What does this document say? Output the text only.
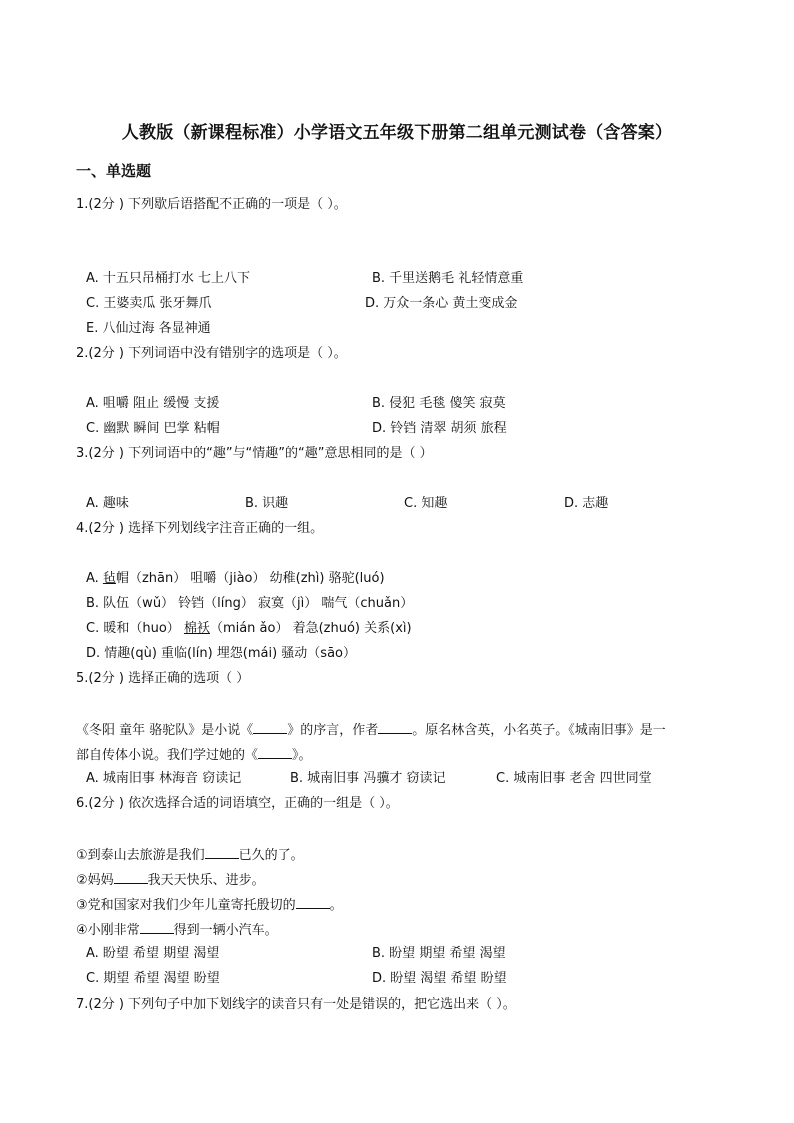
人教版（新课程标准）小学语文五年级下册第二组单元测试卷（含答案）
一、单选题
1.(2分 ) 下列歇后语搭配不正确的一项是（ ）。
A. 十五只吊桶打水 七上八下	B. 千里送鹅毛 礼轻情意重
C. 王婆卖瓜 张牙舞爪	D. 万众一条心 黄土变成金
E. 八仙过海 各显神通
2.(2分 ) 下列词语中没有错别字的选项是（ ）。
A. 咀嚼 阻止 缓慢 支援	B. 侵犯 毛毯 傻笑 寂莫
C. 幽默 瞬间 巴掌 粘帽	D. 铃铛 清翠 胡须 旅程
3.(2分 ) 下列词语中的“趣”与“情趣”的“趣”意思相同的是（ ）
A. 趣味	B. 识趣	C. 知趣	D. 志趣
4.(2分 ) 选择下列划线字注音正确的一组。
A. 毡帽（zhān） 咀嚼（jiào） 幼稚(zhì) 骆驼(luó)
B. 队伍（wǔ） 铃铛（líng） 寂寞（jì） 喘气（chuǎn）
C. 暖和（huo） 棉袄（mián ǎo） 着急(zhuó) 关系(xì)
D. 情趣(qù) 重临(lín) 埋怨(mái) 骚动（sāo）
5.(2分 ) 选择正确的选项（ ）
《冬阳 童年 骆驼队》是小说《	》的序言，作者	。原名林含英，小名英子。《城南旧事》是一
部自传体小说。我们学过她的《	》。
A. 城南旧事 林海音 窃读记	B. 城南旧事 冯骥才 窃读记	C. 城南旧事 老舍 四世同堂
6.(2分 ) 依次选择合适的词语填空，正确的一组是（ ）。
①到泰山去旅游是我们	已久的了。
②妈妈	我天天快乐、进步。
③党和国家对我们少年儿童寄托殷切的	。
④小刚非常	得到一辆小汽车。
A. 盼望 希望 期望 渴望	B. 盼望 期望 希望 渴望
C. 期望 希望 渴望 盼望	D. 盼望 渴望 希望 盼望
7.(2分 ) 下列句子中加下划线字的读音只有一处是错误的，把它选出来（ ）。
